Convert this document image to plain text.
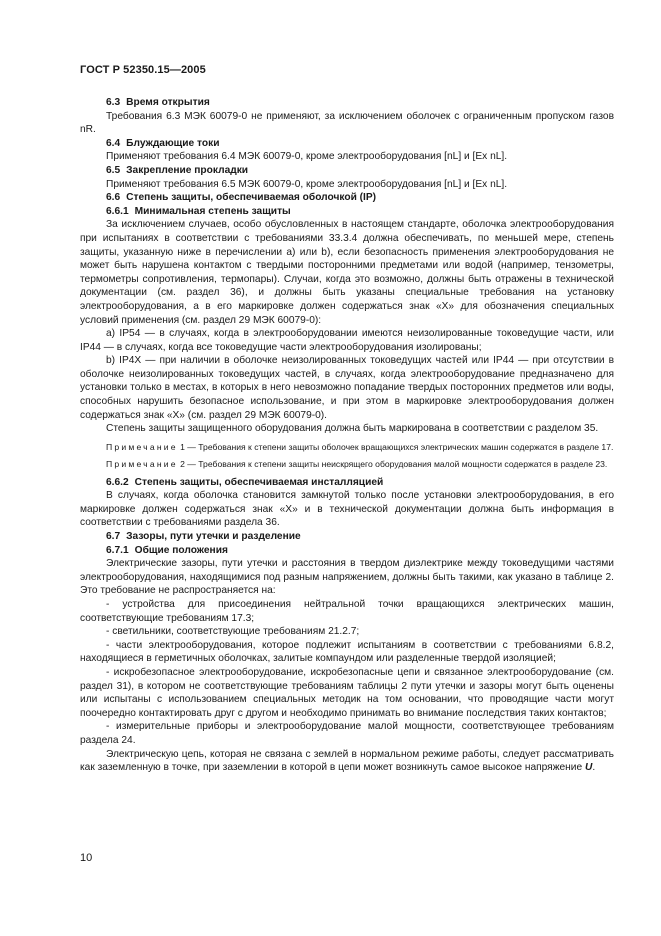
ГОСТ Р 52350.15—2005

6.3 Время открытия

Требования 6.3 МЭК 60079-0 не применяют, за исключением оболочек с ограниченным пропуском газов nR.

6.4 Блуждающие токи

Применяют требования 6.4 МЭК 60079-0, кроме электрооборудования [nL] и [Ex nL].

6.5 Закрепление прокладки

Применяют требования 6.5 МЭК 60079-0, кроме электрооборудования [nL] и [Ex nL].

6.6 Степень защиты, обеспечиваемая оболочкой (IP)

6.6.1 Минимальная степень защиты

За исключением случаев, особо обусловленных в настоящем стандарте, оболочка электрооборудования при испытаниях в соответствии с требованиями 33.3.4 должна обеспечивать, по меньшей мере, степень защиты, указанную ниже в перечислении а) или b), если безопасность применения электрооборудования не может быть нарушена контактом с твердыми посторонними предметами или водой (например, тензометры, термометры сопротивления, термопары). Случаи, когда это возможно, должны быть отражены в технической документации (см. раздел 36), и должны быть указаны специальные требования на установку электрооборудования, а в его маркировке должен содержаться знак «X» для обозначения специальных условий применения (см. раздел 29 МЭК 60079-0):

a) IP54 — в случаях, когда в электрооборудовании имеются неизолированные токоведущие части, или IP44 — в случаях, когда все токоведущие части электрооборудования изолированы;

b) IP4X — при наличии в оболочке неизолированных токоведущих частей или IP44 — при отсутствии в оболочке неизолированных токоведущих частей, в случаях, когда электрооборудование предназначено для установки только в местах, в которых в него невозможно попадание твердых посторонних предметов или воды, способных нарушить безопасное использование, и при этом в маркировке электрооборудования должен содержаться знак «X» (см. раздел 29 МЭК 60079-0).

Степень защиты защищенного оборудования должна быть маркирована в соответствии с разделом 35.

Примечание 1 — Требования к степени защиты оболочек вращающихся электрических машин содержатся в разделе 17.

Примечание 2 — Требования к степени защиты неискрящего оборудования малой мощности содержатся в разделе 23.

6.6.2 Степень защиты, обеспечиваемая инсталляцией

В случаях, когда оболочка становится замкнутой только после установки электрооборудования, в его маркировке должен содержаться знак «X» и в технической документации должна быть информация в соответствии с требованиями раздела 36.

6.7 Зазоры, пути утечки и разделение

6.7.1 Общие положения

Электрические зазоры, пути утечки и расстояния в твердом диэлектрике между токоведущими частями электрооборудования, находящимися под разным напряжением, должны быть такими, как указано в таблице 2. Это требование не распространяется на:

- устройства для присоединения нейтральной точки вращающихся электрических машин, соответствующие требованиям 17.3;

- светильники, соответствующие требованиям 21.2.7;

- части электрооборудования, которое подлежит испытаниям в соответствии с требованиями 6.8.2, находящиеся в герметичных оболочках, залитые компаундом или разделенные твердой изоляцией;

- искробезопасное электрооборудование, искробезопасные цепи и связанное электрооборудование (см. раздел 31), в котором не соответствующие требованиям таблицы 2 пути утечки и зазоры могут быть оценены или испытаны с использованием специальных методик на том основании, что проводящие части могут поочередно контактировать друг с другом и необходимо принимать во внимание последствия таких контактов;

- измерительные приборы и электрооборудование малой мощности, соответствующее требованиям раздела 24.

Электрическую цепь, которая не связана с землей в нормальном режиме работы, следует рассматривать как заземленную в точке, при заземлении в которой в цепи может возникнуть самое высокое напряжение U.

10
